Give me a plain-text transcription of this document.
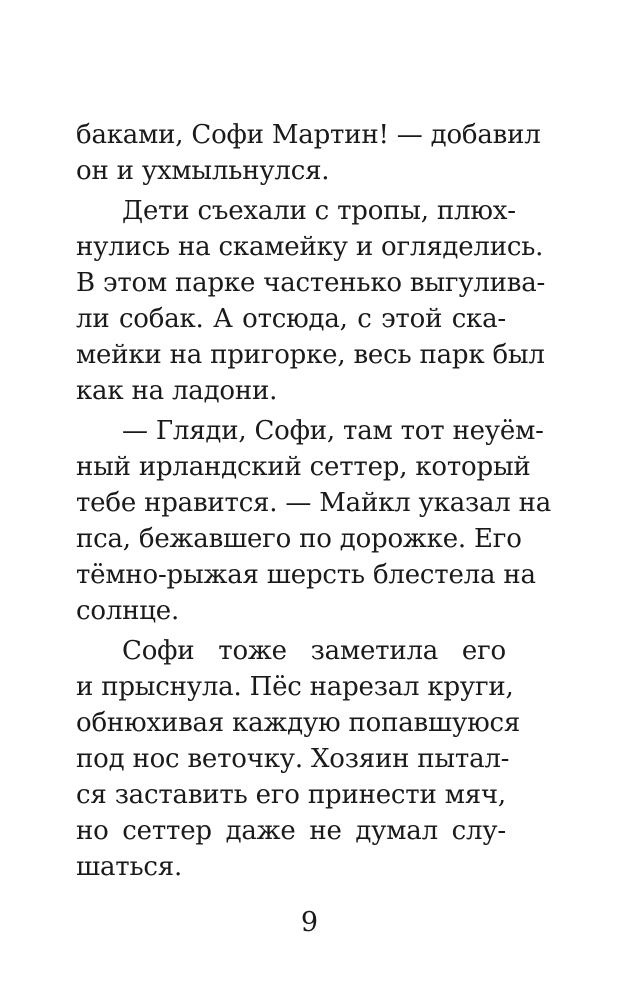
бакaми, Софи Мартин! — добавил
он и ухмыльнулся.
Дети съехали с тропы, плюх-
нулись на скамейку и огляделись.
В этом парке частенько выгулива-
ли собак. А отсюда, с этой ска-
мейки на пригорке, весь парк был
как на ладони.
— Гляди, Софи, там тот неуём-
ный ирландский сеттер, который
тебе нравится. — Майкл указал на
пса, бежавшего по дорожке. Его
тёмно-рыжая шерсть блестела на
солнце.
Софи тоже заметила его
и прыснула. Пёс нарезал круги,
обнюхивая каждую попавшуюся
под нос веточку. Хозяин пытал-
ся заставить его принести мяч,
но сеттер даже не думал слу-
шаться.
9
